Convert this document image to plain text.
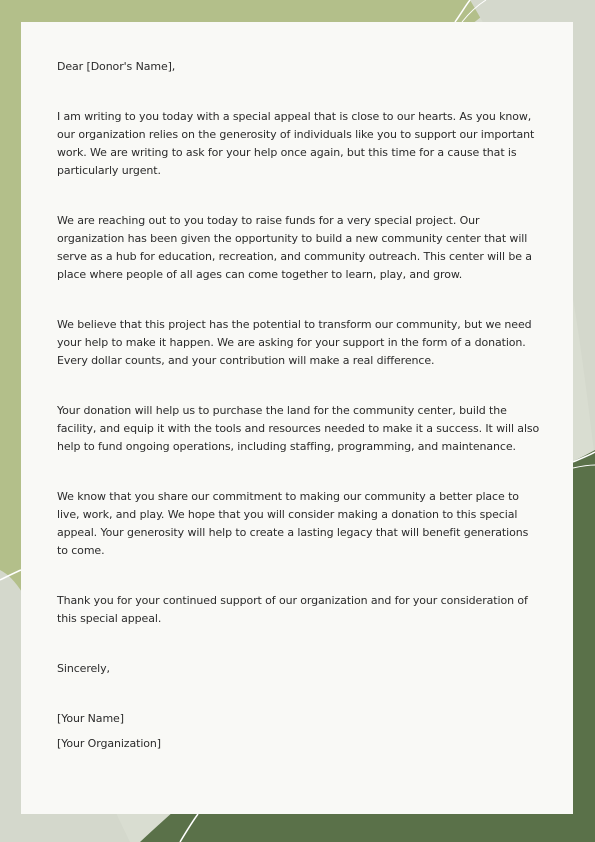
Dear [Donor's Name],

I am writing to you today with a special appeal that is close to our hearts. As you know, our organization relies on the generosity of individuals like you to support our important work. We are writing to ask for your help once again, but this time for a cause that is particularly urgent.

We are reaching out to you today to raise funds for a very special project. Our organization has been given the opportunity to build a new community center that will serve as a hub for education, recreation, and community outreach. This center will be a place where people of all ages can come together to learn, play, and grow.

We believe that this project has the potential to transform our community, but we need your help to make it happen. We are asking for your support in the form of a donation. Every dollar counts, and your contribution will make a real difference.

Your donation will help us to purchase the land for the community center, build the facility, and equip it with the tools and resources needed to make it a success. It will also help to fund ongoing operations, including staffing, programming, and maintenance.

We know that you share our commitment to making our community a better place to live, work, and play. We hope that you will consider making a donation to this special appeal. Your generosity will help to create a lasting legacy that will benefit generations to come.

Thank you for your continued support of our organization and for your consideration of this special appeal.

Sincerely,

[Your Name]

[Your Organization]
